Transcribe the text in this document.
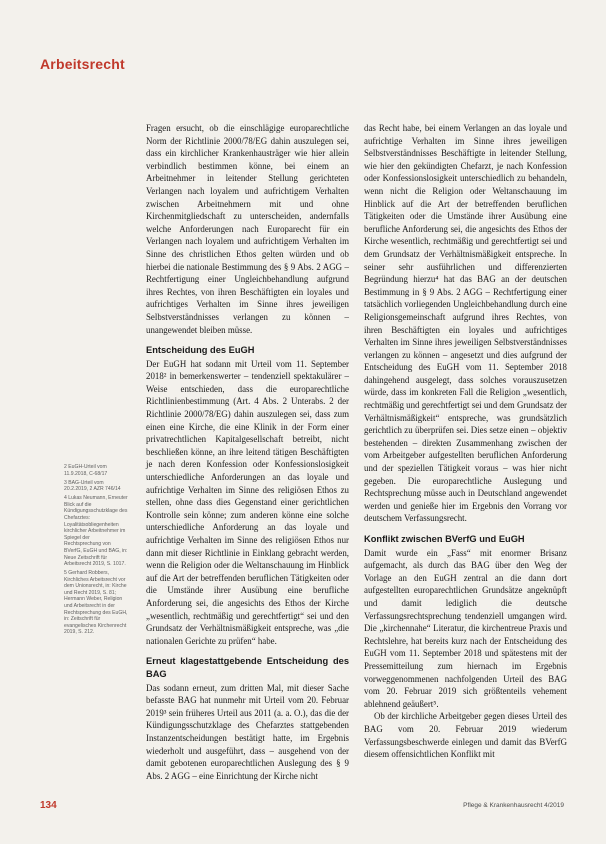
Arbeitsrecht
2 EuGH-Urteil vom 11.9.2018, C-68/17
3 BAG-Urteil vom 20.2.2019, 2 AZR 746/14
4 Lukas Neumann, Erneuter Blick auf die Kündigungsschutzklage des Chefarztes: Loyalitätsobliegenheiten kirchlicher Arbeitnehmer im Spiegel der Rechtsprechung von BVerfG, EuGH und BAG, in: Neue Zeitschrift für Arbeitsrecht 2019, S. 1017.
5 Gerhard Robbers, Kirchliches Arbeitsrecht vor dem Unionsrecht, in: Kirche und Recht 2019, S. 81; Hermann Weber, Religion und Arbeitsrecht in der Rechtsprechung des EuGH, in: Zeitschrift für evangelisches Kirchenrecht 2019, S. 212.

Fragen ersucht, ob die einschlägige europarechtliche Norm der Richtlinie 2000/78/EG dahin auszulegen sei, dass ein kirchlicher Krankenhausträger wie hier allein verbindlich bestimmen könne, bei einem an Arbeitnehmer in leitender Stellung gerichteten Verlangen nach loyalem und aufrichtigem Verhalten zwischen Arbeitnehmern mit und ohne Kirchenmitgliedschaft zu unterscheiden, andernfalls welche Anforderungen nach Europarecht für ein Verlangen nach loyalem und aufrichtigem Verhalten im Sinne des christlichen Ethos gelten würden und ob hierbei die nationale Bestimmung des § 9 Abs. 2 AGG – Rechtfertigung einer Ungleichbehandlung aufgrund ihres Rechtes, von ihren Beschäftigten ein loyales und aufrichtiges Verhalten im Sinne ihres jeweiligen Selbstverständnisses verlangen zu können – unangewendet bleiben müsse.

Entscheidung des EuGH

Der EuGH hat sodann mit Urteil vom 11. September 2018² in bemerkenswerter – tendenziell spektakulärer – Weise entschieden, dass die europarechtliche Richtlinienbestimmung (Art. 4 Abs. 2 Unterabs. 2 der Richtlinie 2000/78/EG) dahin auszulegen sei, dass zum einen eine Kirche, die eine Klinik in der Form einer privatrechtlichen Kapitalgesellschaft betreibt, nicht beschließen könne, an ihre leitend tätigen Beschäftigten je nach deren Konfession oder Konfessionslosigkeit unterschiedliche Anforderungen an das loyale und aufrichtige Verhalten im Sinne des religiösen Ethos zu stellen, ohne dass dies Gegenstand einer gerichtlichen Kontrolle sein könne; zum anderen könne eine solche unterschiedliche Anforderung an das loyale und aufrichtige Verhalten im Sinne des religiösen Ethos nur dann mit dieser Richtlinie in Einklang gebracht werden, wenn die Religion oder die Weltanschauung im Hinblick auf die Art der betreffenden beruflichen Tätigkeiten oder die Umstände ihrer Ausübung eine berufliche Anforderung sei, die angesichts des Ethos der Kirche „wesentlich, rechtmäßig und gerechtfertigt“ sei und den Grundsatz der Verhältnismäßigkeit entspreche, was „die nationalen Gerichte zu prüfen“ habe.

Erneut klagestattgebende Entscheidung des BAG

Das sodann erneut, zum dritten Mal, mit dieser Sache befasste BAG hat nunmehr mit Urteil vom 20. Februar 2019³ sein früheres Urteil aus 2011 (a. a. O.), das die der Kündigungsschutzklage des Chefarztes stattgebenden Instanzentscheidungen bestätigt hatte, im Ergebnis wiederholt und ausgeführt, dass – ausgehend von der damit gebotenen europarechtlichen Auslegung des § 9 Abs. 2 AGG – eine Einrichtung der Kirche nicht

das Recht habe, bei einem Verlangen an das loyale und aufrichtige Verhalten im Sinne ihres jeweiligen Selbstverständnisses Beschäftigte in leitender Stellung, wie hier den gekündigten Chefarzt, je nach Konfession oder Konfessionslosigkeit unterschiedlich zu behandeln, wenn nicht die Religion oder Weltanschauung im Hinblick auf die Art der betreffenden beruflichen Tätigkeiten oder die Umstände ihrer Ausübung eine berufliche Anforderung sei, die angesichts des Ethos der Kirche wesentlich, rechtmäßig und gerechtfertigt sei und dem Grundsatz der Verhältnismäßigkeit entspreche. In seiner sehr ausführlichen und differenzierten Begründung hierzu⁴ hat das BAG an der deutschen Bestimmung in § 9 Abs. 2 AGG – Rechtfertigung einer tatsächlich vorliegenden Ungleichbehandlung durch eine Religionsgemeinschaft aufgrund ihres Rechtes, von ihren Beschäftigten ein loyales und aufrichtiges Verhalten im Sinne ihres jeweiligen Selbstverständnisses verlangen zu können – angesetzt und dies aufgrund der Entscheidung des EuGH vom 11. September 2018 dahingehend ausgelegt, dass solches vorauszusetzen würde, dass im konkreten Fall die Religion „wesentlich, rechtmäßig und gerechtfertigt sei und dem Grundsatz der Verhältnismäßigkeit“ entspreche, was grundsätzlich gerichtlich zu überprüfen sei. Dies setze einen – objektiv bestehenden – direkten Zusammenhang zwischen der vom Arbeitgeber aufgestellten beruflichen Anforderung und der speziellen Tätigkeit voraus – was hier nicht gegeben. Die europarechtliche Auslegung und Rechtsprechung müsse auch in Deutschland angewendet werden und genieße hier im Ergebnis den Vorrang vor deutschem Verfassungsrecht.

Konflikt zwischen BVerfG und EuGH

Damit wurde ein „Fass“ mit enormer Brisanz aufgemacht, als durch das BAG über den Weg der Vorlage an den EuGH zentral an die dann dort aufgestellten europarechtlichen Grundsätze angeknüpft und damit lediglich die deutsche Verfassungsrechtsprechung tendenziell umgangen wird. Die „kirchennahe“ Literatur, die kirchentreue Praxis und Rechtslehre, hat bereits kurz nach der Entscheidung des EuGH vom 11. September 2018 und spätestens mit der Pressemitteilung zum hiernach im Ergebnis vorweggenommenen nachfolgenden Urteil des BAG vom 20. Februar 2019 sich größtenteils vehement ablehnend geäußert⁵.

Ob der kirchliche Arbeitgeber gegen dieses Urteil des BAG vom 20. Februar 2019 wiederum Verfassungsbeschwerde einlegen und damit das BVerfG diesem offensichtlichen Konflikt mit

134	Pflege & Krankenhausrecht 4/2019
